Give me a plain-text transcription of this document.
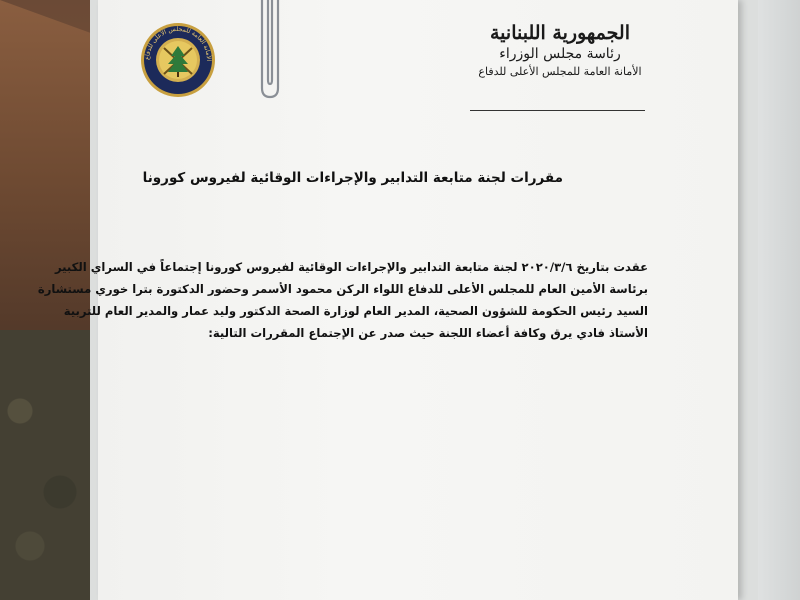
الأمانة العامة للمجلس الأعلى للدفاع
الجمهورية اللبنانية
رئاسة مجلس الوزراء
الأمانة العامة للمجلس الأعلى للدفاع
مقررات لجنة متابعة التدابير والإجراءات الوقائية لفيروس كورونا
عقدت بتاريخ ٢٠٢٠/٣/٦ لجنة متابعة التدابير والإجراءات الوقائية لفيروس كورونا إجتماعاً في السراي الكبير
برئاسة الأمين العام للمجلس الأعلى للدفاع اللواء الركن محمود الأسمر وحضور الدكتورة بترا خوري مستشارة
السيد رئيس الحكومة للشؤون الصحية، المدير العام لوزارة الصحة الدكتور وليد عمار والمدير العام للتربية
الأستاذ فادي يرق وكافة أعضاء اللجنة حيث صدر عن الإجتماع المقررات التالية:
